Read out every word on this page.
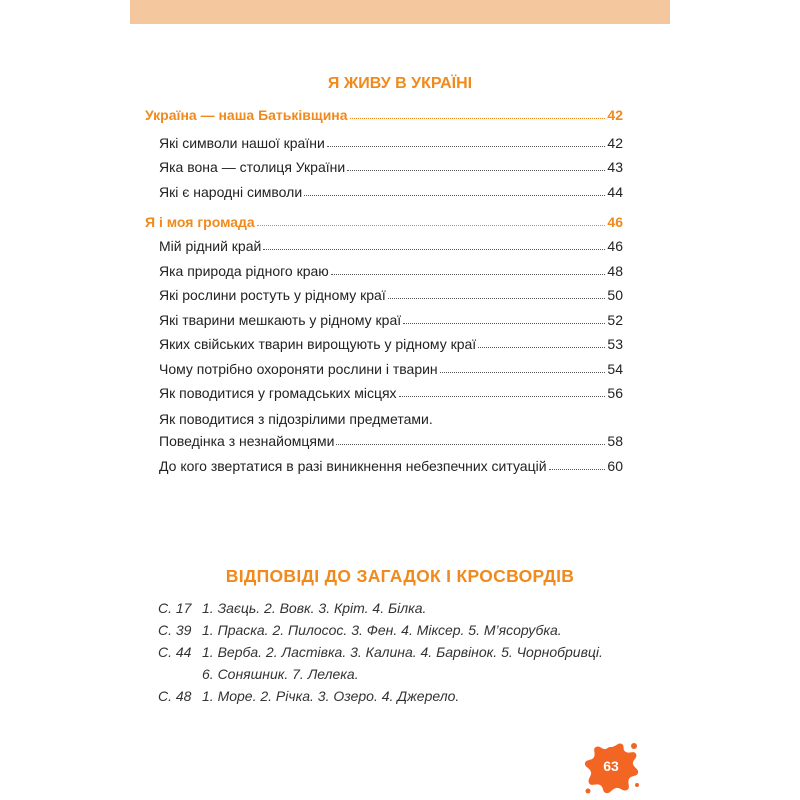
Я ЖИВУ В УКРАЇНІ
Україна — наша Батьківщина	42
Які символи нашої країни	42
Яка вона — столиця України	43
Які є народні символи	44
Я і моя громада	46
Мій рідний край	46
Яка природа рідного краю	48
Які рослини ростуть у рідному краї	50
Які тварини мешкають у рідному краї	52
Яких свійських тварин вирощують у рідному краї	53
Чому потрібно охороняти рослини і тварин	54
Як поводитися у громадських місцях	56
Як поводитися з підозрілими предметами.
Поведінка з незнайомцями	58
До кого звертатися в разі виникнення небезпечних ситуацій	60
ВІДПОВІДІ ДО ЗАГАДОК І КРОСВОРДІВ
С. 17 1. Заєць. 2. Вовк. 3. Кріт. 4. Білка.
С. 39 1. Праска. 2. Пилосос. 3. Фен. 4. Міксер. 5. М’ясорубка.
С. 44 1. Верба. 2. Ластівка. 3. Калина. 4. Барвінок. 5. Чорнобривці.
6. Соняшник. 7. Лелека.
С. 48 1. Море. 2. Річка. 3. Озеро. 4. Джерело.
63
